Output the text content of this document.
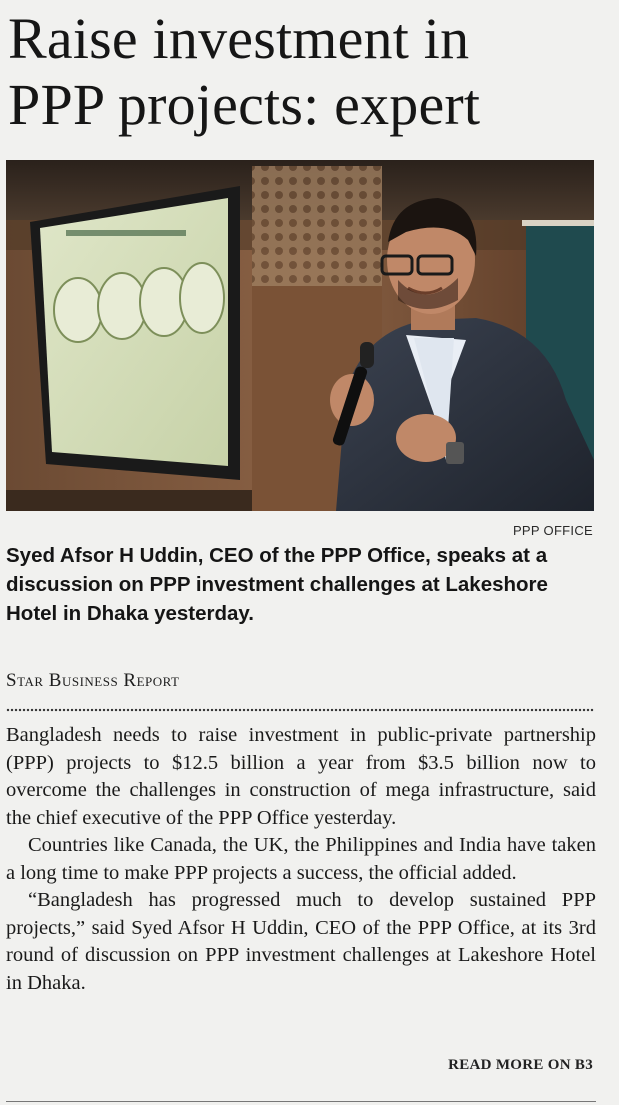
Raise investment in
PPP projects: expert
PPP OFFICE

Syed Afsor H Uddin, CEO of the PPP Office, speaks at a discussion on PPP investment challenges at Lakeshore Hotel in Dhaka yesterday.

Star Business Report

Bangladesh needs to raise investment in public-private partnership (PPP) projects to $12.5 billion a year from $3.5 billion now to overcome the challenges in construction of mega infrastructure, said the chief executive of the PPP Office yesterday.

Countries like Canada, the UK, the Philippines and India have taken a long time to make PPP projects a success, the official added.

“Bangladesh has progressed much to develop sustained PPP projects,” said Syed Afsor H Uddin, CEO of the PPP Office, at its 3rd round of discussion on PPP investment challenges at Lakeshore Hotel in Dhaka.

READ MORE ON B3
